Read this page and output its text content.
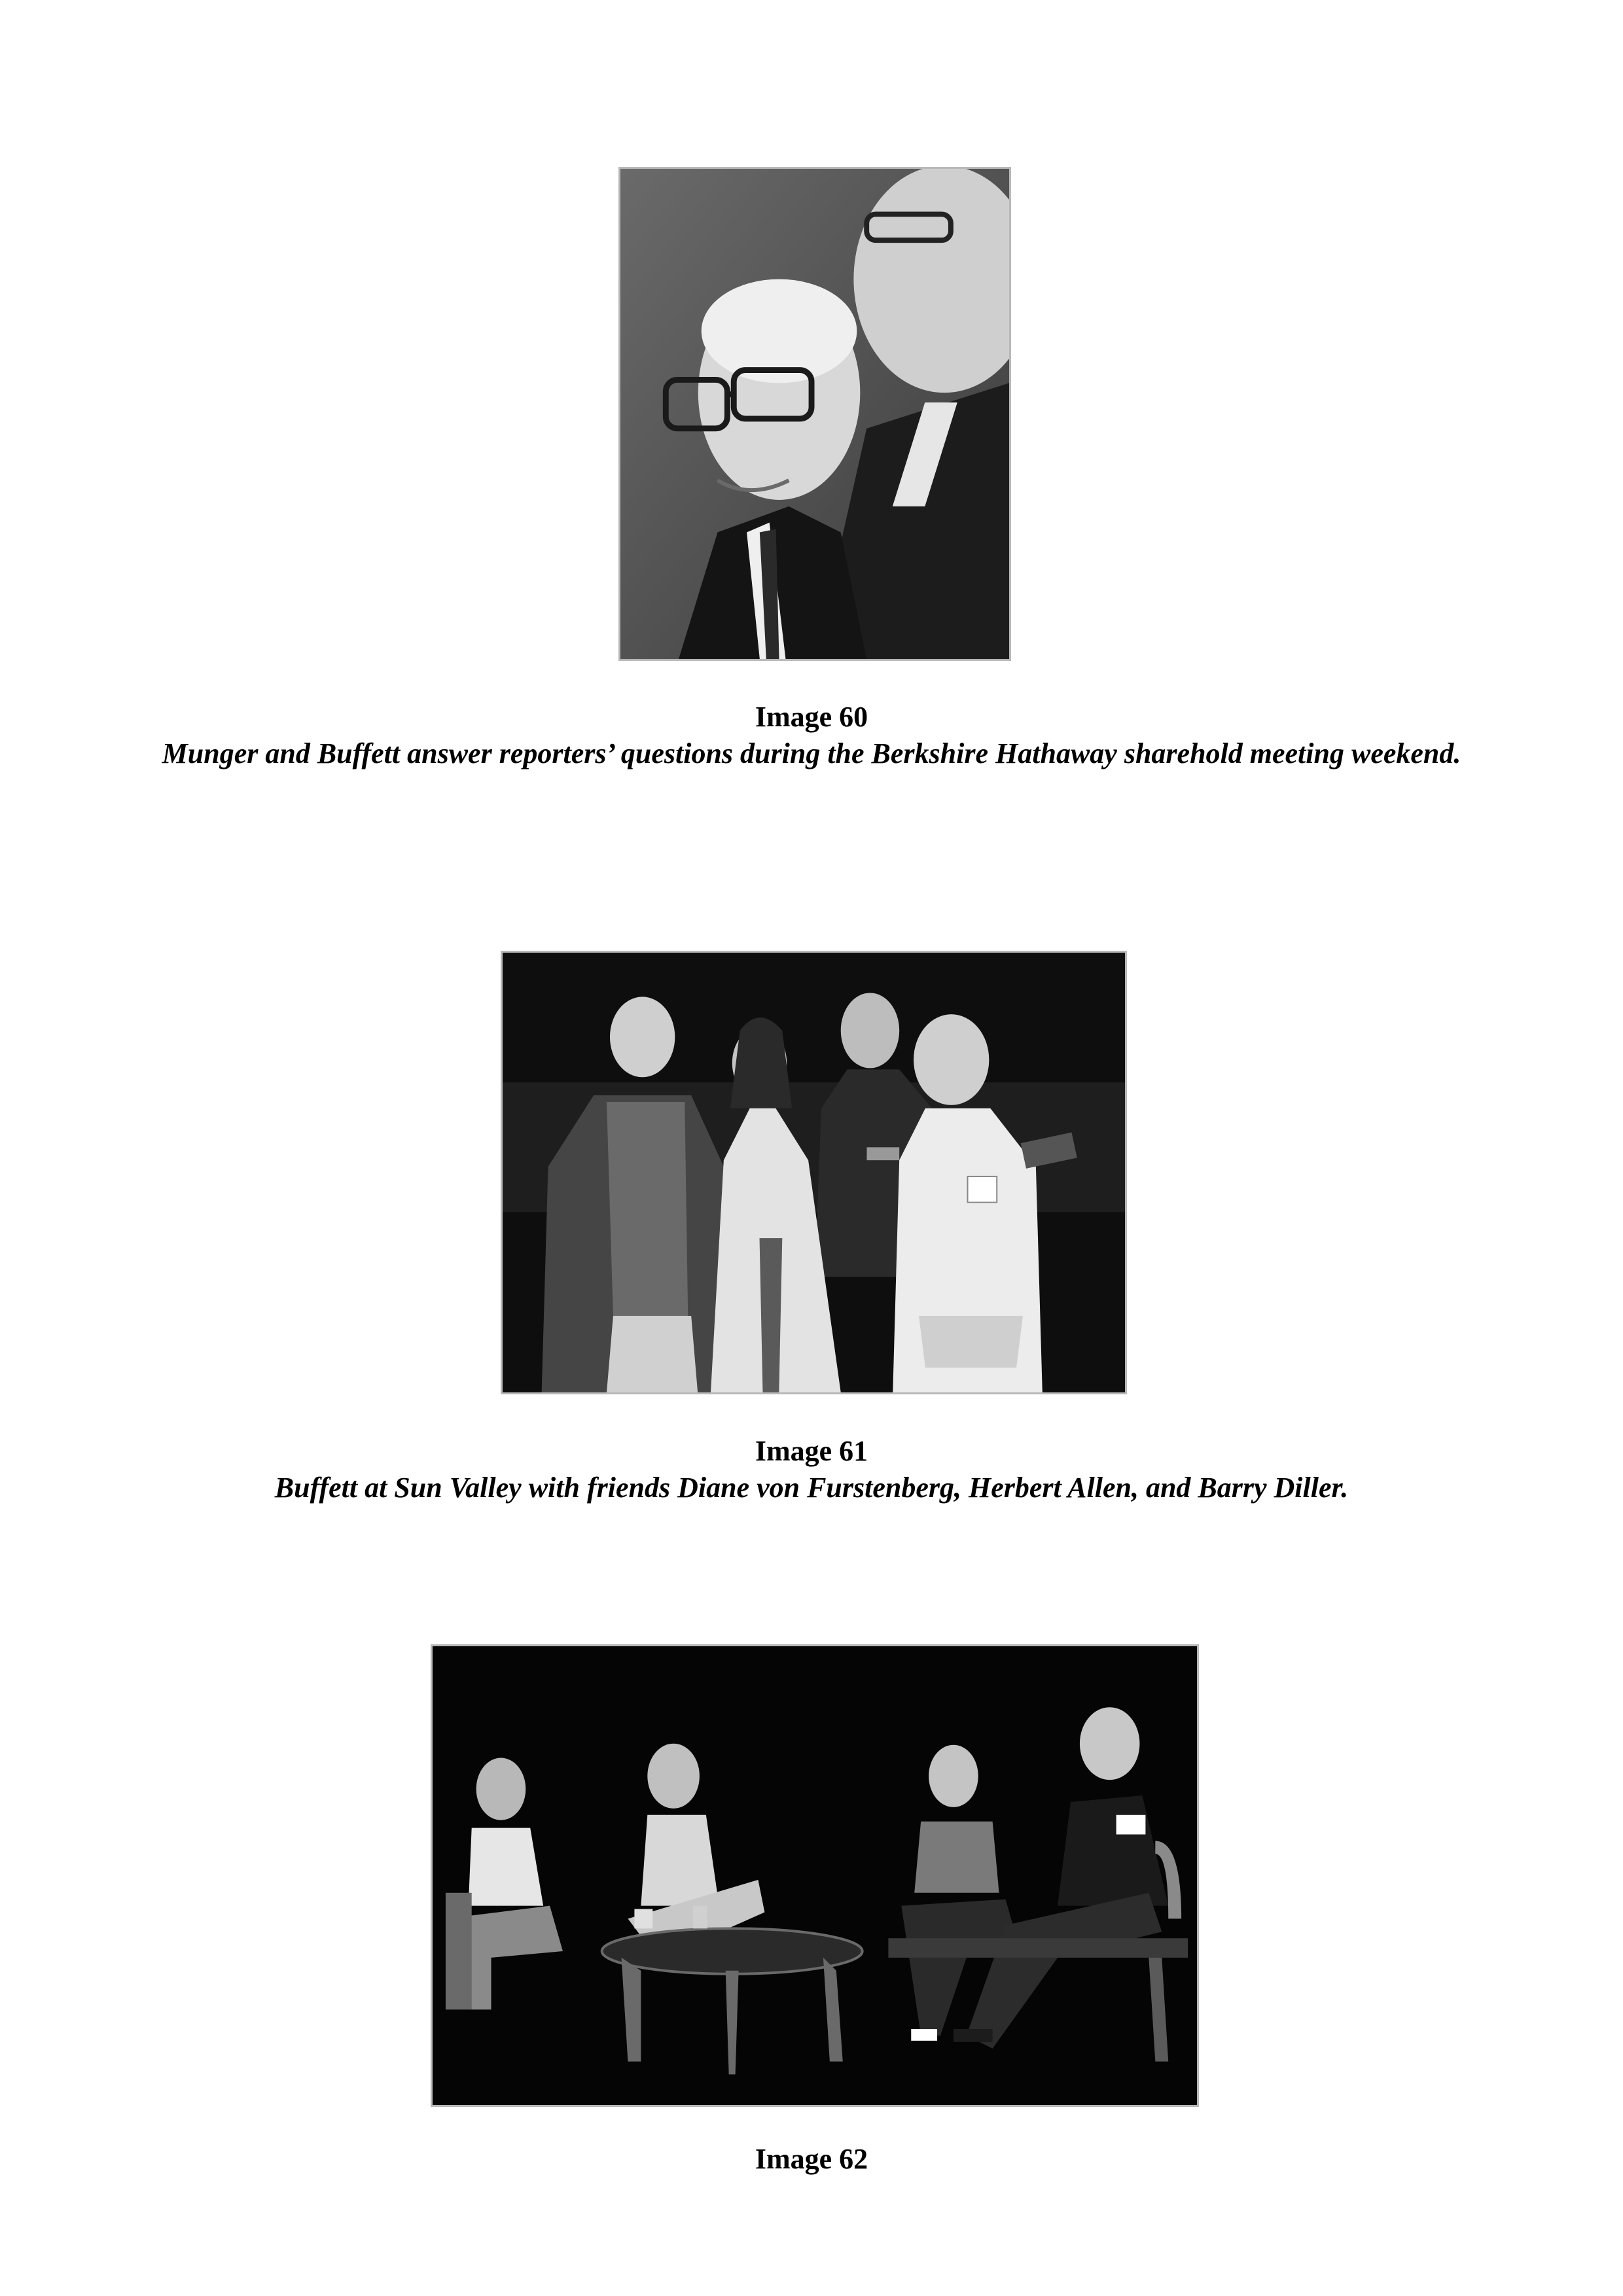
Image 60
Munger and Buffett answer reporters’ questions during the Berkshire Hathaway sharehold meeting weekend.
Image 61
Buffett at Sun Valley with friends Diane von Furstenberg, Herbert Allen, and Barry Diller.
Image 62
